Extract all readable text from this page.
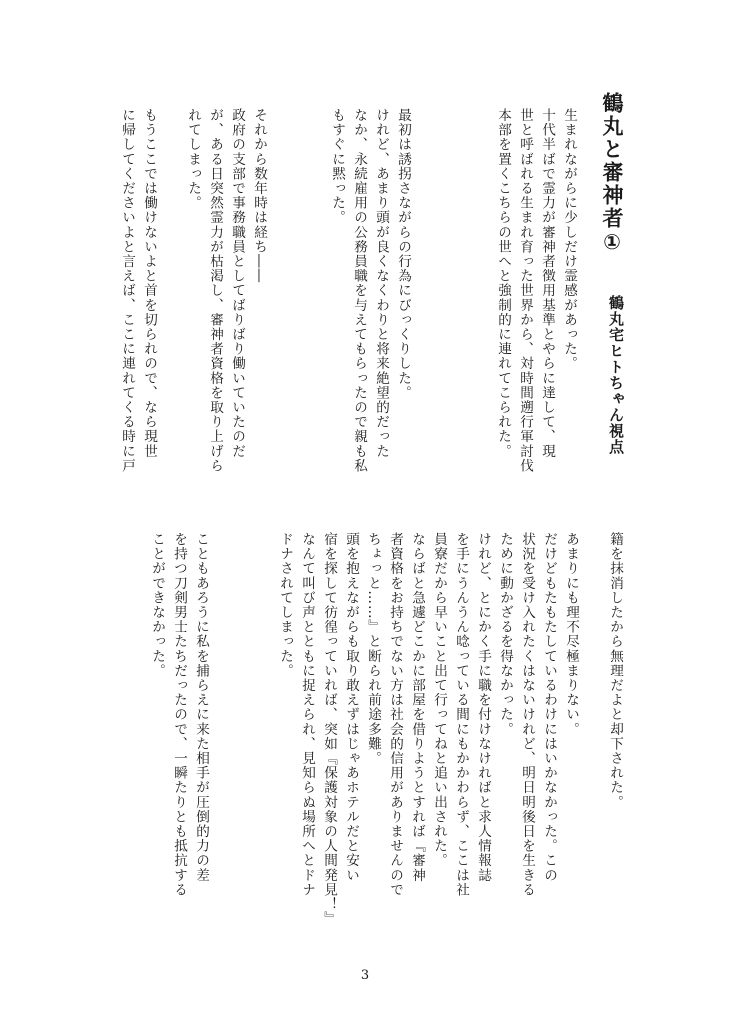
鶴丸と審神者①
鶴丸宅ヒトちゃん視点
生まれながらに少しだけ霊感があった。
十代半ばで霊力が審神者徴用基準とやらに達して、現
世と呼ばれる生まれ育った世界から、対時間遡行軍討伐
本部を置くこちらの世へと強制的に連れてこられた。
最初は誘拐さながらの行為にびっくりした。
けれど、あまり頭が良くなくわりと将来絶望的だった
なか、永続雇用の公務員職を与えてもらったので親も私
もすぐに黙った。
それから数年時は経ち――
政府の支部で事務職員としてばりばり働いていたのだ
が、ある日突然霊力が枯渇し、審神者資格を取り上げら
れてしまった。
もうここでは働けないよと首を切られので、なら現世
に帰してくださいよと言えば、ここに連れてくる時に戸
籍を抹消したから無理だよと却下された。
あまりにも理不尽極まりない。
だけどもたもたしているわけにはいかなかった。この
状況を受け入れたくはないけれど、明日明後日を生きる
ために動かざるを得なかった。
けれど、とにかく手に職を付けなければと求人情報誌
を手にうんうん唸っている間にもかかわらず、ここは社
員寮だから早いこと出て行ってねと追い出された。
ならばと急遽どこかに部屋を借りようとすれば『審神
者資格をお持ちでない方は社会的信用がありませんので
ちょっと……』と断られ前途多難。
頭を抱えながらも取り敢えずはじゃあホテルだと安い
宿を探して彷徨っていれば、突如『保護対象の人間発見！』
なんて叫び声とともに捉えられ、見知らぬ場所へとドナ
ドナされてしまった。
こともあろうに私を捕らえに来た相手が圧倒的力の差
を持つ刀剣男士たちだったので、一瞬たりとも抵抗する
ことができなかった。
3
